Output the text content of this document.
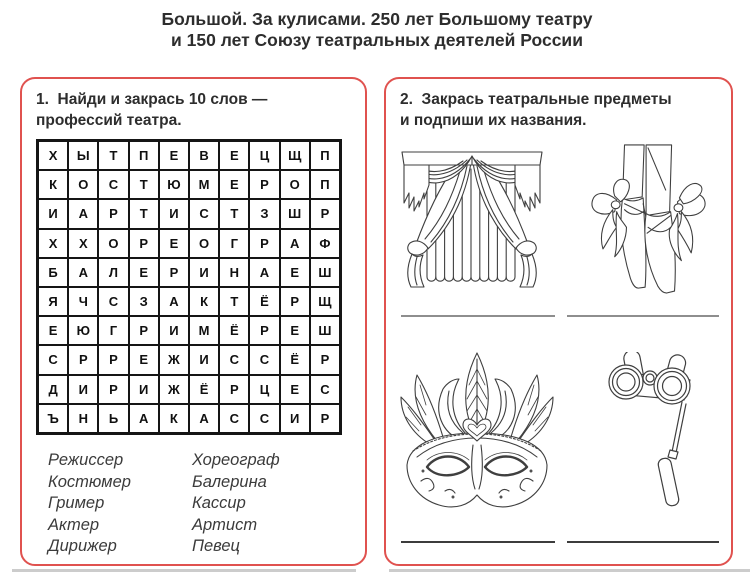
Большой. За кулисами. 250 лет Большому театру
и 150 лет Союзу театральных деятелей России
1.  Найди и закрась 10 слов —
профессий театра.
Х	Ы	Т	П	Е	В	Е	Ц	Щ	П
К	О	С	Т	Ю	М	Е	Р	О	П
И	А	Р	Т	И	С	Т	З	Ш	Р
Х	Х	О	Р	Е	О	Г	Р	А	Ф
Б	А	Л	Е	Р	И	Н	А	Е	Ш
Я	Ч	С	З	А	К	Т	Ё	Р	Щ
Е	Ю	Г	Р	И	М	Ё	Р	Е	Ш
С	Р	Р	Е	Ж	И	С	С	Ё	Р
Д	И	Р	И	Ж	Ё	Р	Ц	Е	С
Ъ	Н	Ь	А	К	А	С	С	И	Р
Режиссер
Костюмер
Гример
Актер
Дирижер
Хореограф
Балерина
Кассир
Артист
Певец
2.  Закрась театральные предметы
и подпиши их названия.
